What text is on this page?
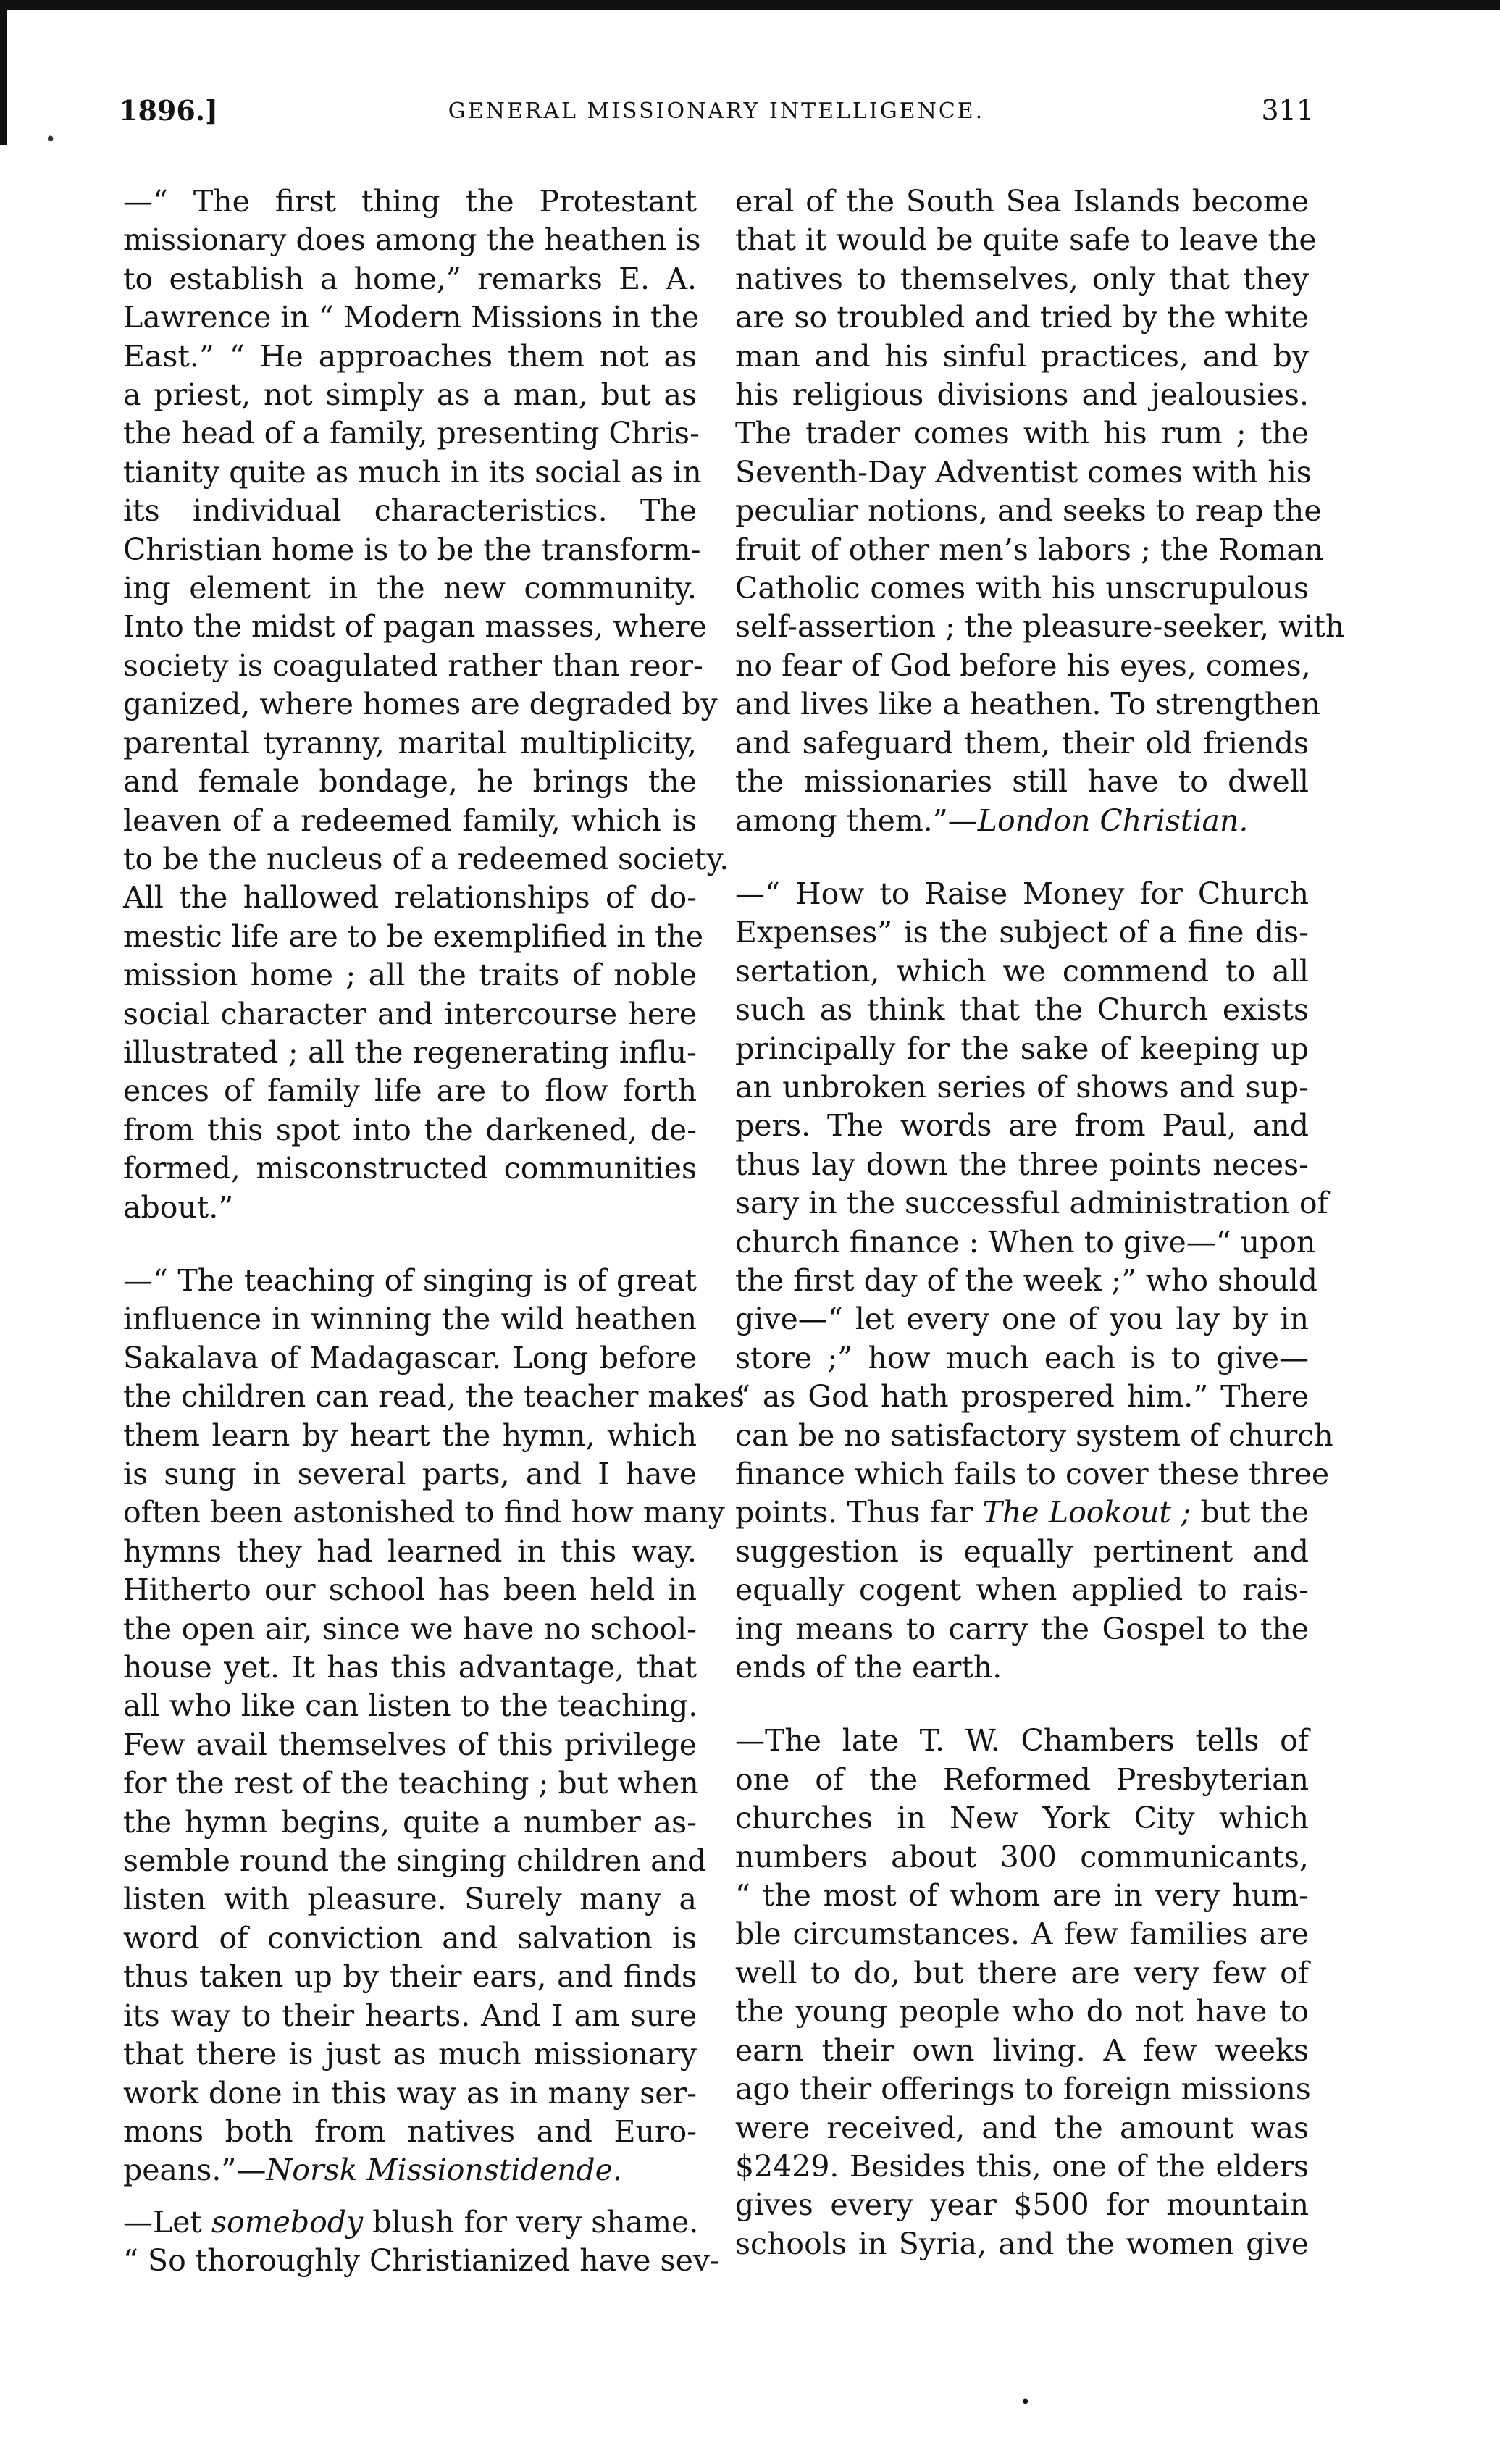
•
1896.]	GENERAL MISSIONARY INTELLIGENCE.	311
—“ The first thing the Protestant
missionary does among the heathen is
to establish a home,” remarks E. A.
Lawrence in “ Modern Missions in the
East.” “ He approaches them not as
a priest, not simply as a man, but as
the head of a family, presenting Chris-
tianity quite as much in its social as in
its individual characteristics. The
Christian home is to be the transform-
ing element in the new community.
Into the midst of pagan masses, where
society is coagulated rather than reor-
ganized, where homes are degraded by
parental tyranny, marital multiplicity,
and female bondage, he brings the
leaven of a redeemed family, which is
to be the nucleus of a redeemed society.
All the hallowed relationships of do-
mestic life are to be exemplified in the
mission home ; all the traits of noble
social character and intercourse here
illustrated ; all the regenerating influ-
ences of family life are to flow forth
from this spot into the darkened, de-
formed, misconstructed communities
about.”
—“ The teaching of singing is of great
influence in winning the wild heathen
Sakalava of Madagascar. Long before
the children can read, the teacher makes
them learn by heart the hymn, which
is sung in several parts, and I have
often been astonished to find how many
hymns they had learned in this way.
Hitherto our school has been held in
the open air, since we have no school-
house yet. It has this advantage, that
all who like can listen to the teaching.
Few avail themselves of this privilege
for the rest of the teaching ; but when
the hymn begins, quite a number as-
semble round the singing children and
listen with pleasure. Surely many a
word of conviction and salvation is
thus taken up by their ears, and finds
its way to their hearts. And I am sure
that there is just as much missionary
work done in this way as in many ser-
mons both from natives and Euro-
peans.”—Norsk Missionstidende.
—Let somebody blush for very shame.
“ So thoroughly Christianized have sev-
eral of the South Sea Islands become
that it would be quite safe to leave the
natives to themselves, only that they
are so troubled and tried by the white
man and his sinful practices, and by
his religious divisions and jealousies.
The trader comes with his rum ; the
Seventh-Day Adventist comes with his
peculiar notions, and seeks to reap the
fruit of other men’s labors ; the Roman
Catholic comes with his unscrupulous
self-assertion ; the pleasure-seeker, with
no fear of God before his eyes, comes,
and lives like a heathen. To strengthen
and safeguard them, their old friends
the missionaries still have to dwell
among them.”—London Christian.
—“ How to Raise Money for Church
Expenses” is the subject of a fine dis-
sertation, which we commend to all
such as think that the Church exists
principally for the sake of keeping up
an unbroken series of shows and sup-
pers. The words are from Paul, and
thus lay down the three points neces-
sary in the successful administration of
church finance : When to give—“ upon
the first day of the week ;” who should
give—“ let every one of you lay by in
store ;” how much each is to give—
“ as God hath prospered him.” There
can be no satisfactory system of church
finance which fails to cover these three
points. Thus far The Lookout ; but the
suggestion is equally pertinent and
equally cogent when applied to rais-
ing means to carry the Gospel to the
ends of the earth.
—The late T. W. Chambers tells of
one of the Reformed Presbyterian
churches in New York City which
numbers about 300 communicants,
“ the most of whom are in very hum-
ble circumstances. A few families are
well to do, but there are very few of
the young people who do not have to
earn their own living. A few weeks
ago their offerings to foreign missions
were received, and the amount was
$2429. Besides this, one of the elders
gives every year $500 for mountain
schools in Syria, and the women give
•
